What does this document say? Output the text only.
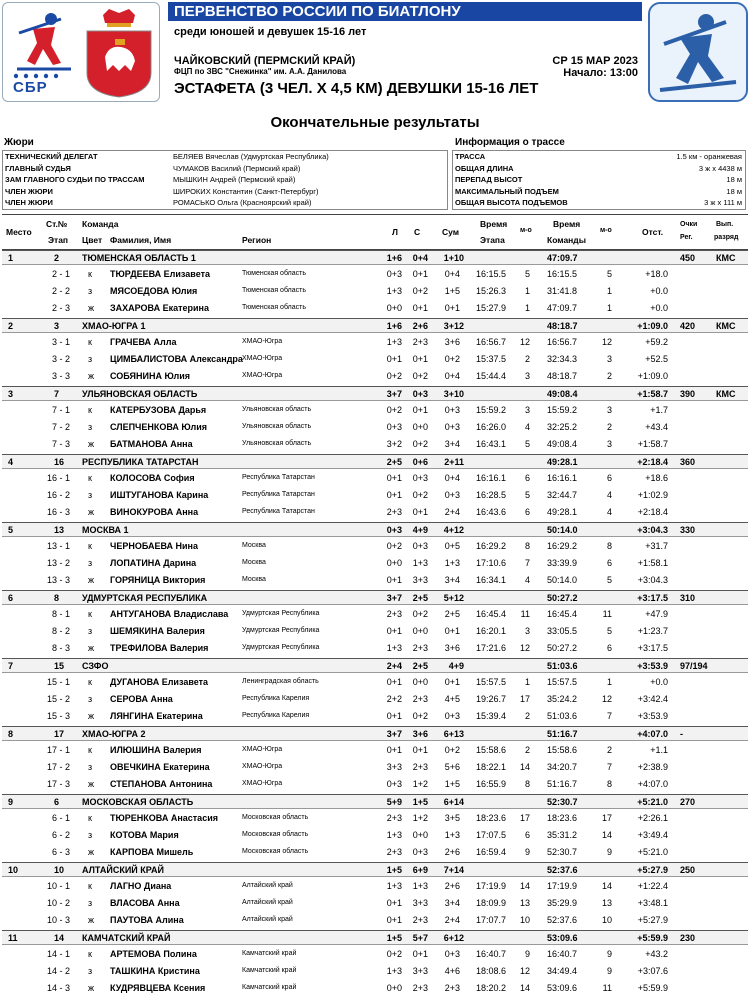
СБР
ПЕРВЕНСТВО РОССИИ ПО БИАТЛОНУ
среди юношей и девушек 15-16 лет
ЧАЙКОВСКИЙ (ПЕРМСКИЙ КРАЙ)
ФЦП по ЗВС "Снежинка" им. А.А. Данилова
СР 15 МАР 2023
Начало: 13:00
ЭСТАФЕТА (3 ЧЕЛ. X 4,5 КМ) ДЕВУШКИ 15-16 ЛЕТ
Окончательные результаты
Жюри	Информация о трассе
ТЕХНИЧЕСКИЙ ДЕЛЕГАТ	БЕЛЯЕВ Вячеслав (Удмуртская Республика)
ГЛАВНЫЙ СУДЬЯ	ЧУМАКОВ Василий (Пермский край)
ЗАМ ГЛАВНОГО СУДЬИ ПО ТРАССАМ	МЫШКИН Андрей (Пермский край)
ЧЛЕН ЖЮРИ	ШИРОКИХ Константин (Санкт-Петербург)
ЧЛЕН ЖЮРИ	РОМАСЬКО Ольга (Красноярский край)
ТРАССА	1.5 км - оранжевая
ОБЩАЯ ДЛИНА	3 ж x 4438 м
ПЕРЕПАД ВЫСОТ	18 м
МАКСИМАЛЬНЫЙ ПОДЪЕМ	18 м
ОБЩАЯ ВЫСОТА ПОДЪЕМОВ	3 ж x 111 м
Место
Ст.№
Этап
Команда
Цвет Фамилия, Имя	Регион
Л С	Сум
Время
Этапа
м-о
Время
Команды
м-о	Отст.
Очки
Рег.
Вып.
разряд
1	2	ТЮМЕНСКАЯ ОБЛАСТЬ 1	1+6 0+4 1+10	47:09.7	450 КМС
2 - 1 к ТЮРДЕЕВА Елизавета	Тюменская область	0+3 0+1 0+4 16:15.5 5 16:15.5	5	+18.0
2 - 2 з МЯСОЕДОВА Юлия	Тюменская область	1+3 0+2 1+5 15:26.3 1 31:41.8	1	+0.0
2 - 3 ж ЗАХАРОВА Екатерина	Тюменская область	0+0 0+1 0+1 15:27.9 1 47:09.7	1	+0.0
2	3	ХМАО-ЮГРА 1	1+6 2+6 3+12	48:18.7	+1:09.0 420 КМС
3 - 1 к ГРАЧЕВА Алла	ХМАО-Югра	1+3 2+3 3+6 16:56.7 12 16:56.7	12	+59.2
3 - 2 з ЦИМБАЛИСТОВА Александра ХМАО-Югра	0+1 0+1 0+2 15:37.5 2 32:34.3	3	+52.5
3 - 3 ж СОБЯНИНА Юлия	ХМАО-Югра	0+2 0+2 0+4 15:44.4 3 48:18.7	2	+1:09.0
3	7	УЛЬЯНОВСКАЯ ОБЛАСТЬ	3+7 0+3 3+10	49:08.4	+1:58.7 390 КМС
7 - 1 к КАТЕРБУЗОВА Дарья	Ульяновская область	0+2 0+1 0+3 15:59.2 3 15:59.2	3	+1.7
7 - 2 з СЛЕПЧЕНКОВА Юлия	Ульяновская область	0+3 0+0 0+3 16:26.0 4 32:25.2	2	+43.4
7 - 3 ж БАТМАНОВА Анна	Ульяновская область	3+2 0+2 3+4 16:43.1 5 49:08.4	3	+1:58.7
4	16 РЕСПУБЛИКА ТАТАРСТАН	2+5 0+6 2+11	49:28.1	+2:18.4 360
16 - 1 к КОЛОСОВА София	Республика Татарстан	0+1 0+3 0+4 16:16.1 6 16:16.1	6	+18.6
16 - 2 з ИШТУГАНОВА Карина	Республика Татарстан	0+1 0+2 0+3 16:28.5 5 32:44.7	4	+1:02.9
16 - 3 ж ВИНОКУРОВА Анна	Республика Татарстан	2+3 0+1 2+4 16:43.6 6 49:28.1	4	+2:18.4
5	13 МОСКВА 1	0+3 4+9 4+12	50:14.0	+3:04.3 330
13 - 1 к ЧЕРНОБАЕВА Нина	Москва	0+2 0+3 0+5 16:29.2 8 16:29.2	8	+31.7
13 - 2 з ЛОПАТИНА Дарина	Москва	0+0 1+3 1+3 17:10.6 7 33:39.9	6	+1:58.1
13 - 3 ж ГОРЯНИЦА Виктория	Москва	0+1 3+3 3+4 16:34.1 4 50:14.0	5	+3:04.3
6	8	УДМУРТСКАЯ РЕСПУБЛИКА	3+7 2+5 5+12	50:27.2	+3:17.5 310
8 - 1 к АНТУГАНОВА Владислава Удмуртская Республика	2+3 0+2 2+5 16:45.4 11 16:45.4	11	+47.9
8 - 2 з ШЕМЯКИНА Валерия	Удмуртская Республика	0+1 0+0 0+1 16:20.1 3 33:05.5	5	+1:23.7
8 - 3 ж ТРЕФИЛОВА Валерия	Удмуртская Республика	1+3 2+3 3+6 17:21.6 12 50:27.2	6	+3:17.5
7	15 СЗФО	2+4 2+5 4+9	51:03.6	+3:53.9 97/194
15 - 1 к ДУГАНОВА Елизавета	Ленинградская область	0+1 0+0 0+1 15:57.5 1 15:57.5	1	+0.0
15 - 2 з СЕРОВА Анна	Республика Карелия	2+2 2+3 4+5 19:26.7 17 35:24.2	12	+3:42.4
15 - 3 ж ЛЯНГИНА Екатерина	Республика Карелия	0+1 0+2 0+3 15:39.4 2 51:03.6	7	+3:53.9
8	17 ХМАО-ЮГРА 2	3+7 3+6 6+13	51:16.7	+4:07.0 -
17 - 1 к ИЛЮШИНА Валерия	ХМАО-Югра	0+1 0+1 0+2 15:58.6 2 15:58.6	2	+1.1
17 - 2 з ОВЕЧКИНА Екатерина	ХМАО-Югра	3+3 2+3 5+6 18:22.1 14 34:20.7	7	+2:38.9
17 - 3 ж СТЕПАНОВА Антонина	ХМАО-Югра	0+3 1+2 1+5 16:55.9 8 51:16.7	8	+4:07.0
9	6	МОСКОВСКАЯ ОБЛАСТЬ	5+9 1+5 6+14	52:30.7	+5:21.0 270
6 - 1 к ТЮРЕНКОВА Анастасия	Московская область	2+3 1+2 3+5 18:23.6 17 18:23.6	17	+2:26.1
6 - 2 з КОТОВА Мария	Московская область	1+3 0+0 1+3 17:07.5 6 35:31.2	14	+3:49.4
6 - 3 ж КАРПОВА Мишель	Московская область	2+3 0+3 2+6 16:59.4 9 52:30.7	9	+5:21.0
10	10 АЛТАЙСКИЙ КРАЙ	1+5 6+9 7+14	52:37.6	+5:27.9 250
10 - 1 к ЛАГНО Диана	Алтайский край	1+3 1+3 2+6 17:19.9 14 17:19.9	14	+1:22.4
10 - 2 з ВЛАСОВА Анна	Алтайский край	0+1 3+3 3+4 18:09.9 13 35:29.9	13	+3:48.1
10 - 3 ж ПАУТОВА Алина	Алтайский край	0+1 2+3 2+4 17:07.7 10 52:37.6	10	+5:27.9
11	14 КАМЧАТСКИЙ КРАЙ	1+5 5+7 6+12	53:09.6	+5:59.9 230
14 - 1 к АРТЕМОВА Полина	Камчатский край	0+2 0+1 0+3 16:40.7 9 16:40.7	9	+43.2
14 - 2 з ТАШКИНА Кристина	Камчатский край	1+3 3+3 4+6 18:08.6 12 34:49.4	9	+3:07.6
14 - 3 ж КУДРЯВЦЕВА Ксения	Камчатский край	0+0 2+3 2+3 18:20.2 14 53:09.6	11	+5:59.9
